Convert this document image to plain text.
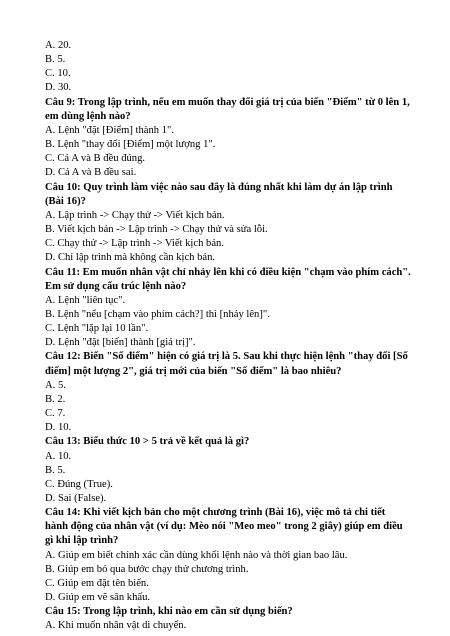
A. 20.

B. 5.

C. 10.

D. 30.

Câu 9: Trong lập trình, nếu em muốn thay đổi giá trị của biến "Điểm" từ 0 lên 1,

em dùng lệnh nào?

A. Lệnh "đặt [Điểm] thành 1".

B. Lệnh "thay đổi [Điểm] một lượng 1".

C. Cả A và B đều đúng.

D. Cả A và B đều sai.

Câu 10: Quy trình làm việc nào sau đây là đúng nhất khi làm dự án lập trình

(Bài 16)?

A. Lập trình -> Chạy thử -> Viết kịch bản.

B. Viết kịch bản -> Lập trình -> Chạy thử và sửa lỗi.

C. Chạy thử -> Lập trình -> Viết kịch bản.

D. Chỉ lập trình mà không cần kịch bản.

Câu 11: Em muốn nhân vật chỉ nhảy lên khi có điều kiện "chạm vào phím cách".

Em sử dụng cấu trúc lệnh nào?

A. Lệnh "liên tục".

B. Lệnh "nếu [chạm vào phím cách?] thì [nhảy lên]".

C. Lệnh "lặp lại 10 lần".

D. Lệnh "đặt [biến] thành [giá trị]".

Câu 12: Biến "Số điểm" hiện có giá trị là 5. Sau khi thực hiện lệnh "thay đổi [Số

điểm] một lượng 2", giá trị mới của biến "Số điểm" là bao nhiêu?

A. 5.

B. 2.

C. 7.

D. 10.

Câu 13: Biểu thức 10 > 5 trả về kết quả là gì?

A. 10.

B. 5.

C. Đúng (True).

D. Sai (False).

Câu 14: Khi viết kịch bản cho một chương trình (Bài 16), việc mô tả chi tiết

hành động của nhân vật (ví dụ: Mèo nói "Meo meo" trong 2 giây) giúp em điều

gì khi lập trình?

A. Giúp em biết chính xác cần dùng khối lệnh nào và thời gian bao lâu.

B. Giúp em bỏ qua bước chạy thử chương trình.

C. Giúp em đặt tên biến.

D. Giúp em vẽ sân khấu.

Câu 15: Trong lập trình, khi nào em cần sử dụng biến?

A. Khi muốn nhân vật di chuyển.
